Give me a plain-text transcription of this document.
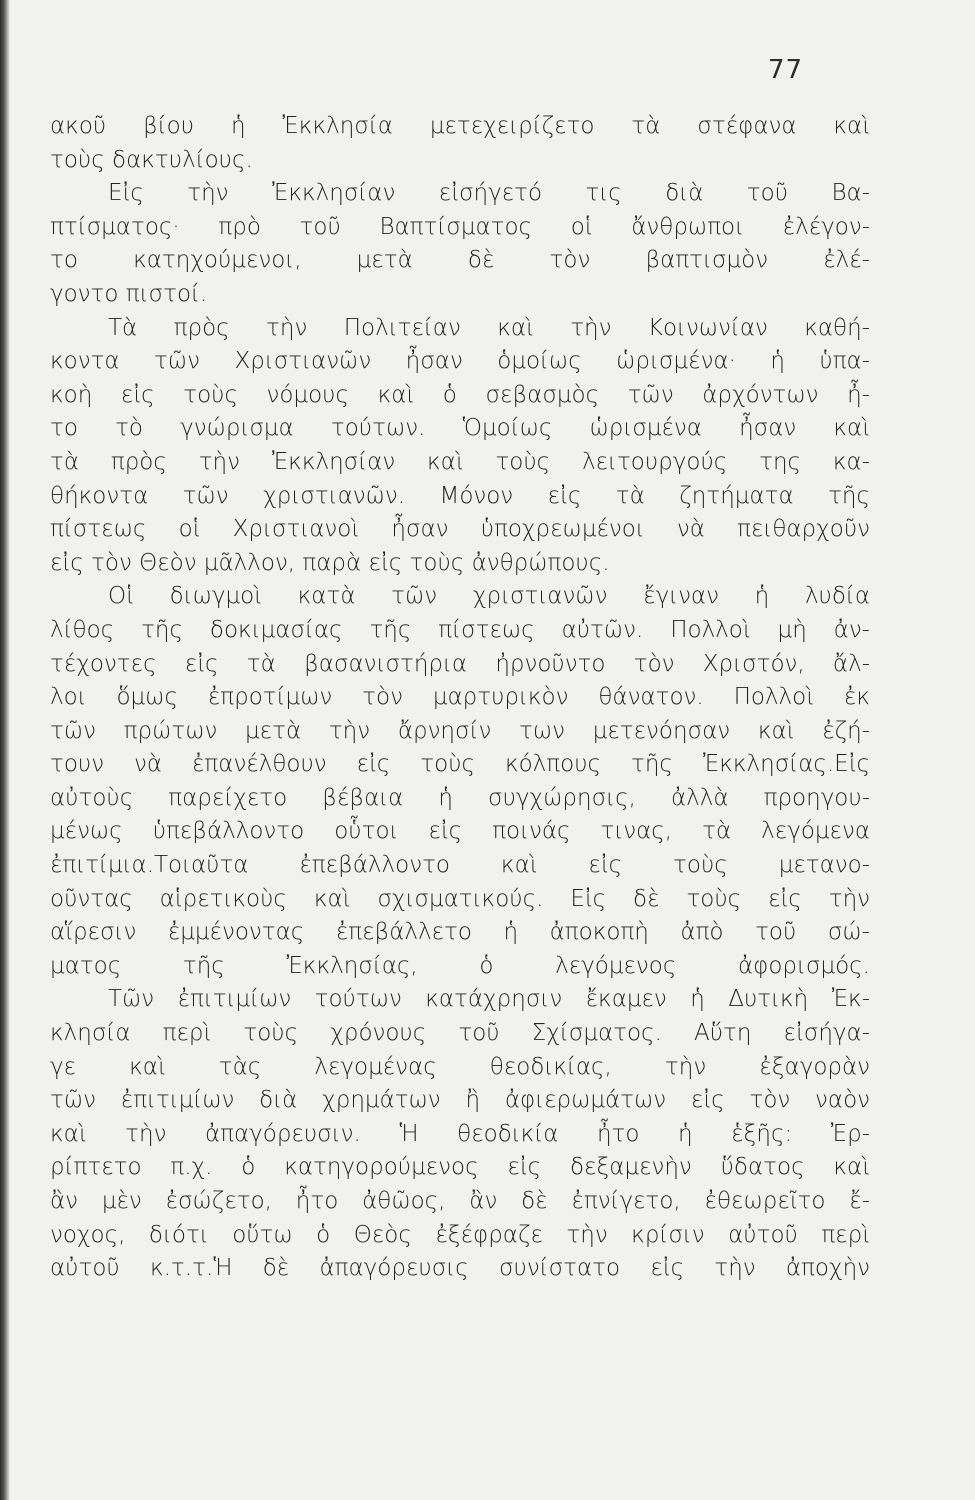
77
ακοῦ βίου ἡ Ἐκκλησία μετεχειρίζετο τὰ στέφανα καὶ
τοὺς δακτυλίους.
Εἰς τὴν Ἐκκλησίαν εἰσήγετό τις διὰ τοῦ Βα-
πτίσματος· πρὸ τοῦ Βαπτίσματος οἱ ἄνθρωποι ἐλέγον-
το κατηχούμενοι, μετὰ δὲ τὸν βαπτισμὸν ἐλέ-
γοντο πιστοί.
Τὰ πρὸς τὴν Πολιτείαν καὶ τὴν Κοινωνίαν καθή-
κοντα τῶν Χριστιανῶν ἦσαν ὁμοίως ὡρισμένα· ἡ ὑπα-
κοὴ εἰς τοὺς νόμους καὶ ὁ σεβασμὸς τῶν ἀρχόντων ἦ-
το τὸ γνώρισμα τούτων. Ὁμοίως ὡρισμένα ἦσαν καὶ
τὰ πρὸς τὴν Ἐκκλησίαν καὶ τοὺς λειτουργούς της κα-
θήκοντα τῶν χριστιανῶν. Μόνον εἰς τὰ ζητήματα τῆς
πίστεως οἱ Χριστιανοὶ ἦσαν ὑποχρεωμένοι νὰ πειθαρχοῦν
εἰς τὸν Θεὸν μᾶλλον, παρὰ εἰς τοὺς ἀνθρώπους.
Οἱ διωγμοὶ κατὰ τῶν χριστιανῶν ἔγιναν ἡ λυδία
λίθος τῆς δοκιμασίας τῆς πίστεως αὐτῶν. Πολλοὶ μὴ ἀν-
τέχοντες εἰς τὰ βασανιστήρια ἠρνοῦντο τὸν Χριστόν, ἄλ-
λοι ὅμως ἐπροτίμων τὸν μαρτυρικὸν θάνατον. Πολλοὶ ἐκ
τῶν πρώτων μετὰ τὴν ἄρνησίν των μετενόησαν καὶ ἐζή-
τουν νὰ ἐπανέλθουν εἰς τοὺς κόλπους τῆς Ἐκκλησίας.Εἰς
αὐτοὺς παρείχετο βέβαια ἡ συγχώρησις, ἀλλὰ προηγου-
μένως ὑπεβάλλοντο οὗτοι εἰς ποινάς τινας, τὰ λεγόμενα
ἐπιτίμια.Τοιαῦτα ἐπεβάλλοντο καὶ εἰς τοὺς μετανο-
οῦντας αἱρετικοὺς καὶ σχισματικούς. Εἰς δὲ τοὺς εἰς τὴν
αἵρεσιν ἐμμένοντας ἐπεβάλλετο ἡ ἀποκοπὴ ἀπὸ τοῦ σώ-
ματος τῆς Ἐκκλησίας, ὁ λεγόμενος ἀφορισμός.
Τῶν ἐπιτιμίων τούτων κατάχρησιν ἔκαμεν ἡ Δυτικὴ Ἐκ-
κλησία περὶ τοὺς χρόνους τοῦ Σχίσματος. Αὕτη εἰσήγα-
γε καὶ τὰς λεγομένας θεοδικίας, τὴν ἐξαγορὰν
τῶν ἐπιτιμίων διὰ χρημάτων ἢ ἀφιερωμάτων εἰς τὸν ναὸν
καὶ τὴν ἀπαγόρευσιν. Ἡ θεοδικία ἦτο ἡ ἑξῆς: Ἐρ-
ρίπτετο π.χ. ὁ κατηγορούμενος εἰς δεξαμενὴν ὕδατος καὶ
ἂν μὲν ἐσώζετο, ἦτο ἀθῶος, ἂν δὲ ἐπνίγετο, ἐθεωρεῖτο ἔ-
νοχος, διότι οὕτω ὁ Θεὸς ἐξέφραζε τὴν κρίσιν αὐτοῦ περὶ
αὐτοῦ κ.τ.τ.Ἡ δὲ ἀπαγόρευσις συνίστατο εἰς τὴν ἀποχὴν
